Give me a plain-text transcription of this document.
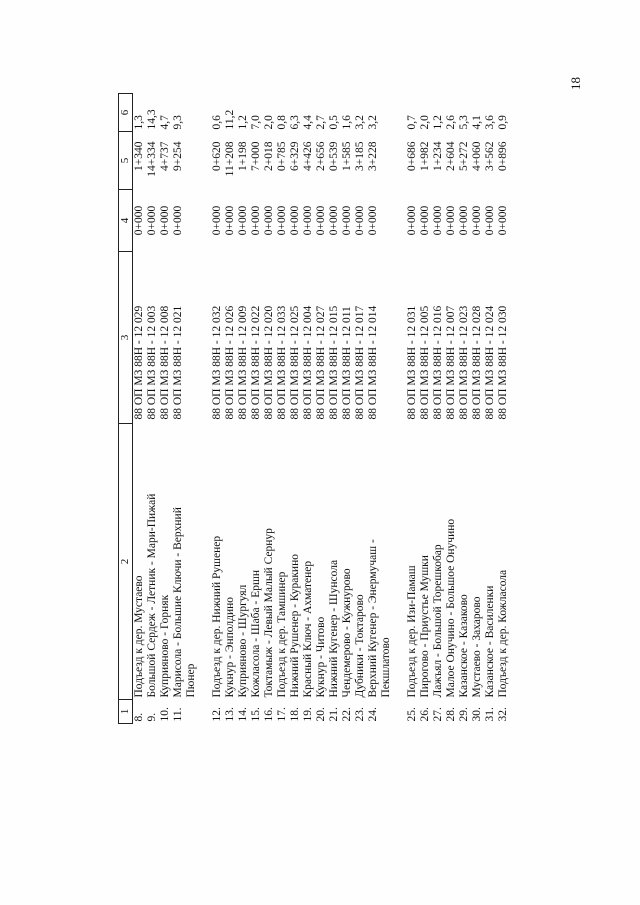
18
1	2	3	4	5	6
8.	Подъезд к дер. Мустаево	88 ОП МЗ 88Н - 12 029	0+000	1+340	1,3
9.	Большой Сердеж - Летник - Мари-Пижай	88 ОП МЗ 88Н - 12 003	0+000	14+334	14,3
10.	Куприяново - Горняк	88 ОП МЗ 88Н - 12 008	0+000	4+737	4,7
11.	Марисола - Большие Ключи - Верхний	88 ОП МЗ 88Н - 12 021	0+000	9+254	9,3
	Пюнер				

12.	Подъезд к дер. Нижний Рушенер	88 ОП МЗ 88Н - 12 032	0+000	0+620	0,6
13.	Кукнур - Энполдино	88 ОП МЗ 88Н - 12 026	0+000	11+208	11,2
14.	Куприяново - Шургуял	88 ОП МЗ 88Н - 12 009	0+000	1+198	1,2
15.	Кожласола - Шаба - Ершн	88 ОП МЗ 88Н - 12 022	0+000	7+000	7,0
16.	Токтамыж - Левый Малый Сернур	88 ОП МЗ 88Н - 12 020	0+000	2+018	2,0
17.	Подъезд к дер. Тамшинер	88 ОП МЗ 88Н - 12 033	0+000	0+785	0,8
18.	Нижний Рушенер - Куракино	88 ОП МЗ 88Н - 12 025	0+000	6+329	6,3
19.	Красный Ключ - Ахматенер	88 ОП МЗ 88Н - 12 004	0+000	4+426	4,4
20.	Кукнур - Читово	88 ОП МЗ 88Н - 12 027	0+000	2+656	2,7
21.	Нижний Кугенер - Шунсола	88 ОП МЗ 88Н - 12 015	0+000	0+539	0,5
22.	Чендемерово - Кужнурово	88 ОП МЗ 88Н - 12 011	0+000	1+585	1,6
23.	Дубники - Токтарово	88 ОП МЗ 88Н - 12 017	0+000	3+185	3,2
24.	Верхний Кугенер - Энермучаш -	88 ОП МЗ 88Н - 12 014	0+000	3+228	3,2
	Пекшлатово				

25.	Подъезд к дер. Изи-Памаш	88 ОП МЗ 88Н - 12 031	0+000	0+686	0,7
26.	Пирогово - Приустье Мушки	88 ОП МЗ 88Н - 12 005	0+000	1+982	2,0
27.	Лажъял - Большой Торешкобар	88 ОП МЗ 88Н - 12 016	0+000	1+234	1,2
28.	Малое Онучино - Большое Онучино	88 ОП МЗ 88Н - 12 007	0+000	2+604	2,6
29.	Казанское - Казаково	88 ОП МЗ 88Н - 12 023	0+000	5+272	5,3
30.	Мустаево - Захарово	88 ОП МЗ 88Н - 12 028	0+000	4+060	4,1
31.	Казанское - Василенки	88 ОП МЗ 88Н - 12 024	0+000	3+562	3,6
32.	Подъезд к дер. Кожласола	88 ОП МЗ 88Н - 12 030	0+000	0+896	0,9
